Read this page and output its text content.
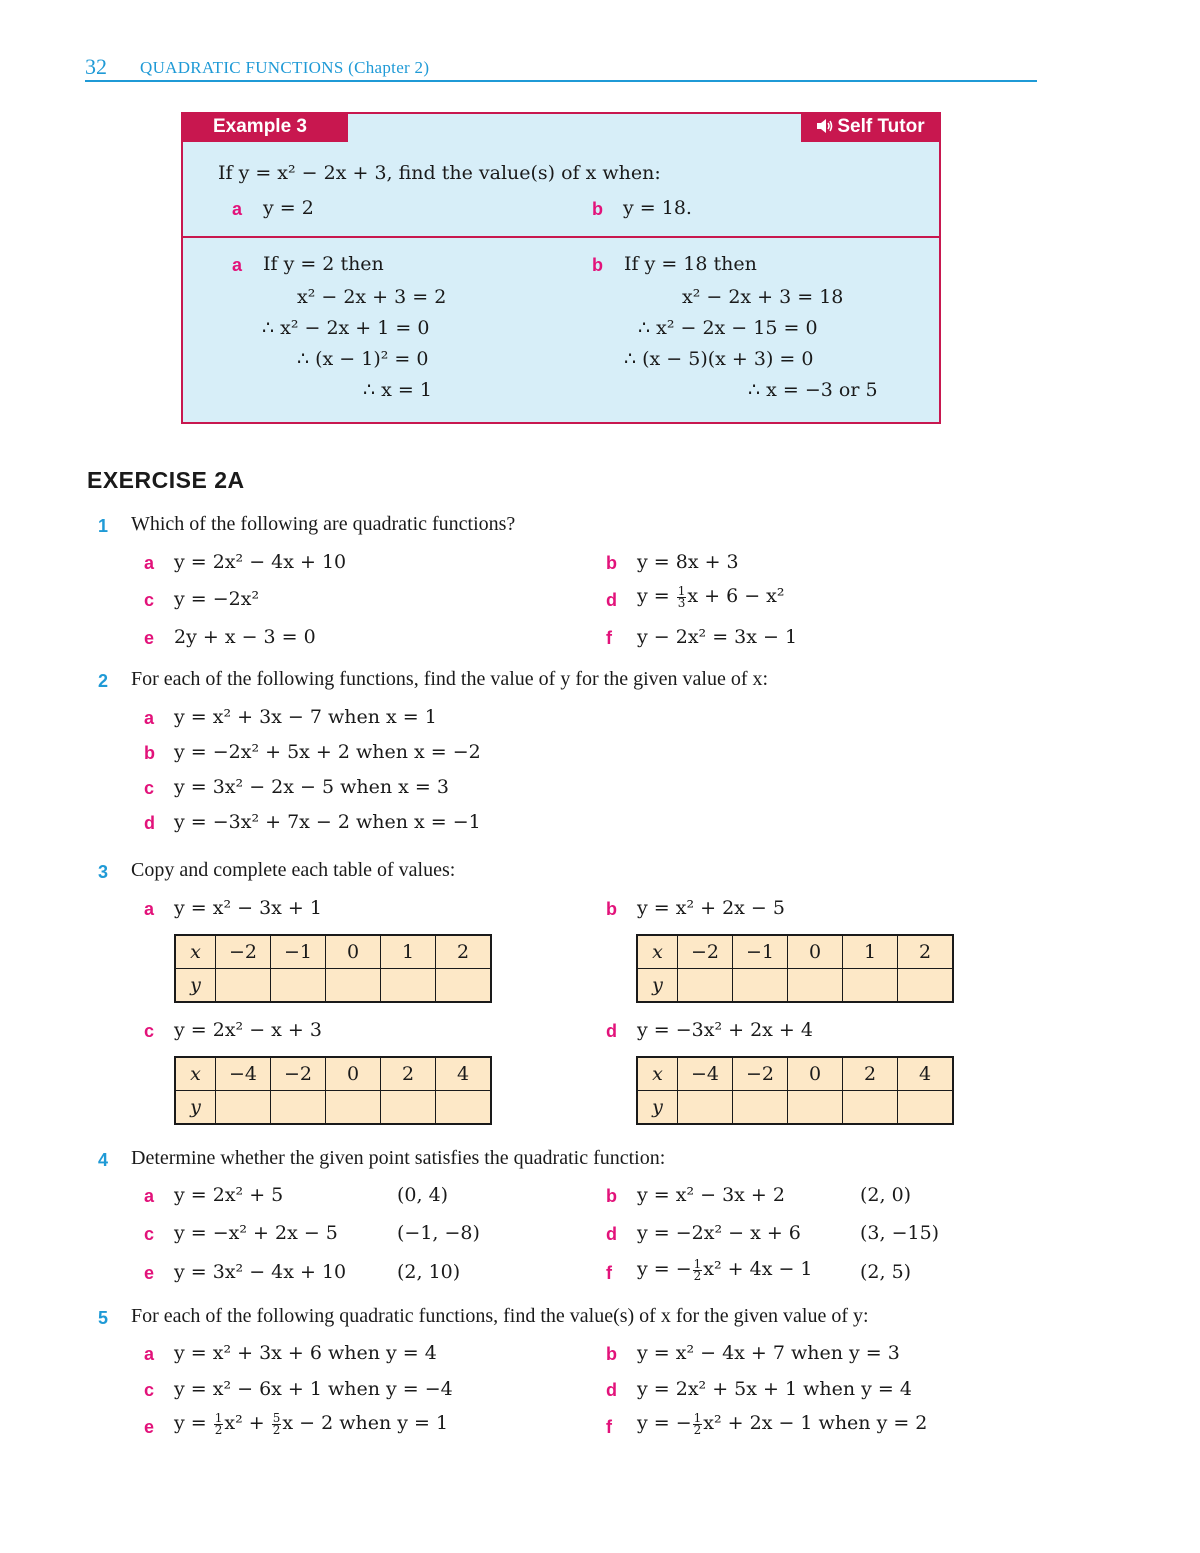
32 QUADRATIC FUNCTIONS (Chapter 2)
Example 3	Self Tutor
If y = x² − 2x + 3, find the value(s) of x when:
a y = 2	b y = 18.
a If y = 2 then
x² − 2x + 3 = 2
∴ x² − 2x + 1 = 0
∴ (x − 1)² = 0
∴ x = 1
b If y = 18 then
x² − 2x + 3 = 18
∴ x² − 2x − 15 = 0
∴ (x − 5)(x + 3) = 0
∴ x = −3 or 5
EXERCISE 2A
1 Which of the following are quadratic functions?
a y = 2x² − 4x + 10	b y = 8x + 3
c y = −2x²	d $y = \frac{1}{3}$ x + 6 − x²
e 2y + x − 3 = 0	f y − 2x² = 3x − 1
2 For each of the following functions, find the value of y for the given value of x:
a y = x² + 3x − 7 when x = 1
b y = −2x² + 5x + 2 when x = −2
c y = 3x² − 2x − 5 when x = 3
d y = −3x² + 7x − 2 when x = −1
3 Copy and complete each table of values:
a y = x² − 3x + 1
x	−2	−1	0	1	2
y					
b y = x² + 2x − 5
x	−2	−1	0	1	2
y					
c y = 2x² − x + 3
x	−4	−2	0	2	4
y					
d y = −3x² + 2x + 4
x	−4	−2	0	2	4
y					
4 Determine whether the given point satisfies the quadratic function:
a y = 2x² + 5	(0, 4)	b y = x² − 3x + 2	(2, 0)
c y = −x² + 2x − 5	(−1, −8)	d y = −2x² − x + 6	(3, −15)
e y = 3x² − 4x + 10	(2, 10)	f y = − $\frac{1}{2} x^2 + 4x - 1$ (2, 5)
5 For each of the following quadratic functions, find the value(s) of x for the given value of y:
a y = x² + 3x + 6 when y = 4	b y = x² − 4x + 7 when y = 3
c y = x² − 6x + 1 when y = −4	d y = 2x² + 5x + 1 when y = 4
e $y = \frac{1}{2} x^2 + \frac{5}{2}$ x − 2 when y = 1	f y = − $\frac{1}{2} x^2 + 2x - 1$ when y = 2
